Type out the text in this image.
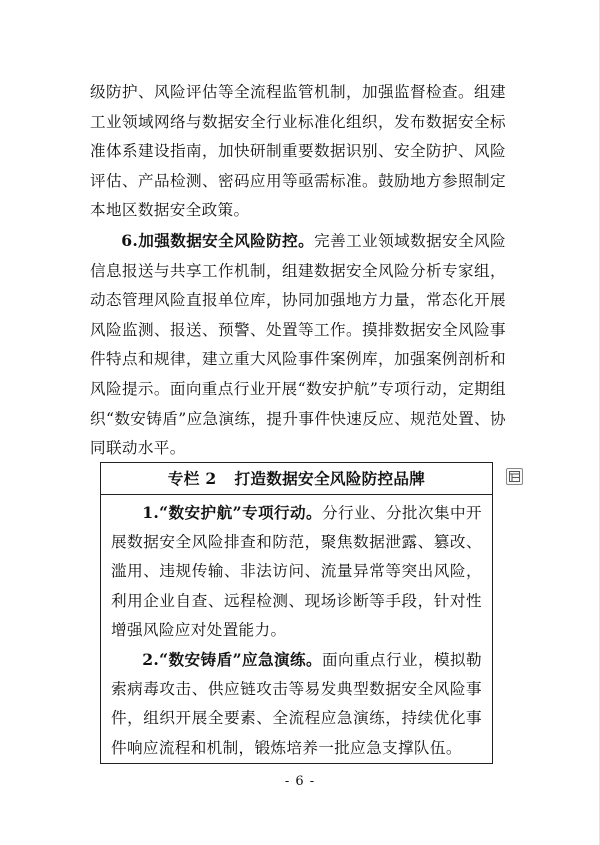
级防护、风险评估等全流程监管机制，加强监督检查。组建工业领域网络与数据安全行业标准化组织，发布数据安全标准体系建设指南，加快研制重要数据识别、安全防护、风险评估、产品检测、密码应用等亟需标准。鼓励地方参照制定本地区数据安全政策。

6.加强数据安全风险防控。完善工业领域数据安全风险信息报送与共享工作机制，组建数据安全风险分析专家组，动态管理风险直报单位库，协同加强地方力量，常态化开展风险监测、报送、预警、处置等工作。摸排数据安全风险事件特点和规律，建立重大风险事件案例库，加强案例剖析和风险提示。面向重点行业开展“数安护航”专项行动，定期组织“数安铸盾”应急演练，提升事件快速反应、规范处置、协同联动水平。

专栏 2 打造数据安全风险防控品牌

1.“数安护航”专项行动。分行业、分批次集中开展数据安全风险排查和防范，聚焦数据泄露、篡改、滥用、违规传输、非法访问、流量异常等突出风险，利用企业自查、远程检测、现场诊断等手段，针对性增强风险应对处置能力。

2.“数安铸盾”应急演练。面向重点行业，模拟勒索病毒攻击、供应链攻击等易发典型数据安全风险事件，组织开展全要素、全流程应急演练，持续优化事件响应流程和机制，锻炼培养一批应急支撑队伍。

- 6 -
